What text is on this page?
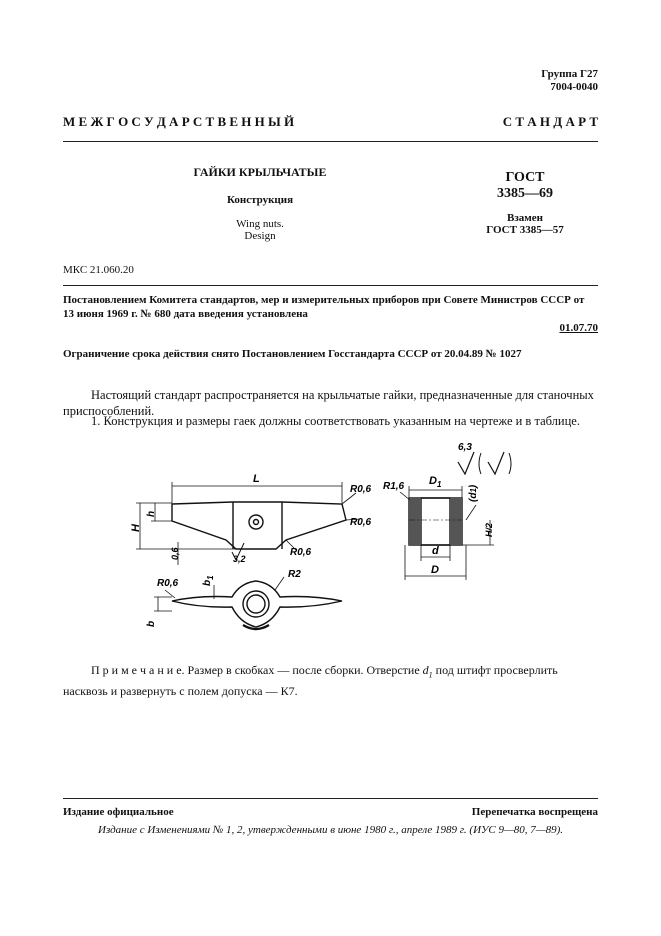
Группа Г27
7004-0040
М Е Ж Г О С У Д А Р С Т В Е Н Н Ы Й	С Т А Н Д А Р Т
ГАЙКИ КРЫЛЬЧАТЫЕ
Конструкция
Wing nuts.
Design
ГОСТ
3385—69
Взамен
ГОСТ 3385—57
МКС 21.060.20
Постановлением Комитета стандартов, мер и измерительных приборов при Совете Министров СССР от 13 июня 1969 г. № 680 дата введения установлена
01.07.70
Ограничение срока действия снято Постановлением Госстандарта СССР от 20.04.89 № 1027
Настоящий стандарт распространяется на крыльчатые гайки, предназначенные для станочных приспособлений.
1. Конструкция и размеры гаек должны соответствовать указанным на чертеже и в таблице.
L
H
h
R0,6
R0,6
R0,6
0,6	3,2
$D_1$
R1,6
(d1)
H/2
d
D
6,3
R2
R0,6 $b_1$
b
П р и м е ч а н и е. Размер в скобках — после сборки. Отверстие $d_1$ под штифт просверлить насквозь и развернуть с полем допуска — К7.
Издание официальное	Перепечатка воспрещена
Издание с Изменениями № 1, 2, утвержденными в июне 1980 г., апреле 1989 г. (ИУС 9—80, 7—89).
